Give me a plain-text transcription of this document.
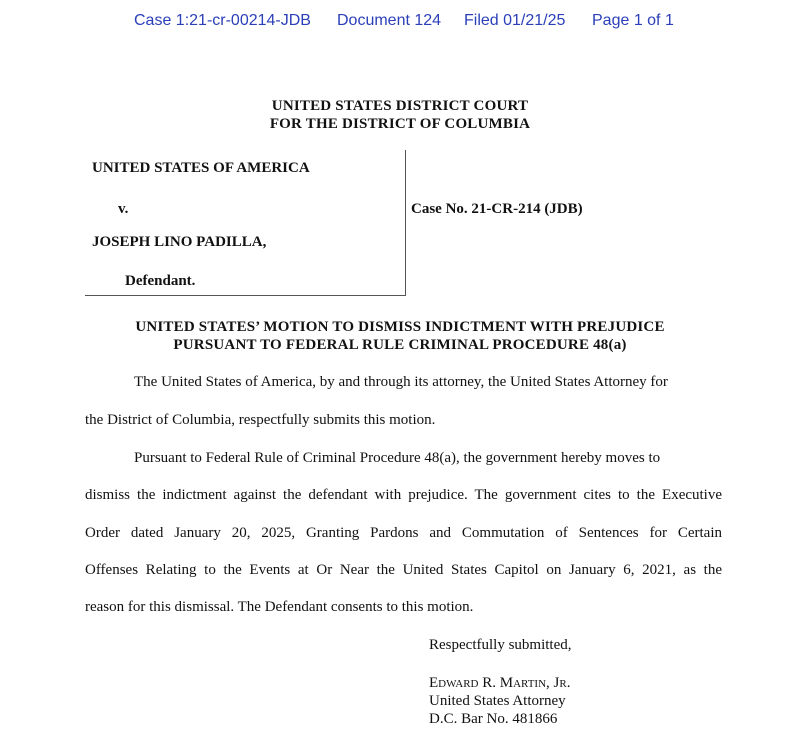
Case 1:21-cr-00214-JDB Document 124 Filed 01/21/25 Page 1 of 1
UNITED STATES DISTRICT COURT
FOR THE DISTRICT OF COLUMBIA
UNITED STATES OF AMERICA
v.
JOSEPH LINO PADILLA,
Defendant.
Case No. 21-CR-214 (JDB)
UNITED STATES’ MOTION TO DISMISS INDICTMENT WITH PREJUDICE
PURSUANT TO FEDERAL RULE CRIMINAL PROCEDURE 48(a)
The United States of America, by and through its attorney, the United States Attorney for
the District of Columbia, respectfully submits this motion.
Pursuant to Federal Rule of Criminal Procedure 48(a), the government hereby moves to
dismiss the indictment against the defendant with prejudice. The government cites to the Executive
Order dated January 20, 2025, Granting Pardons and Commutation of Sentences for Certain
Offenses Relating to the Events at Or Near the United States Capitol on January 6, 2021, as the
reason for this dismissal. The Defendant consents to this motion.
Respectfully submitted,
Edward R. Martin, Jr.
United States Attorney
D.C. Bar No. 481866
